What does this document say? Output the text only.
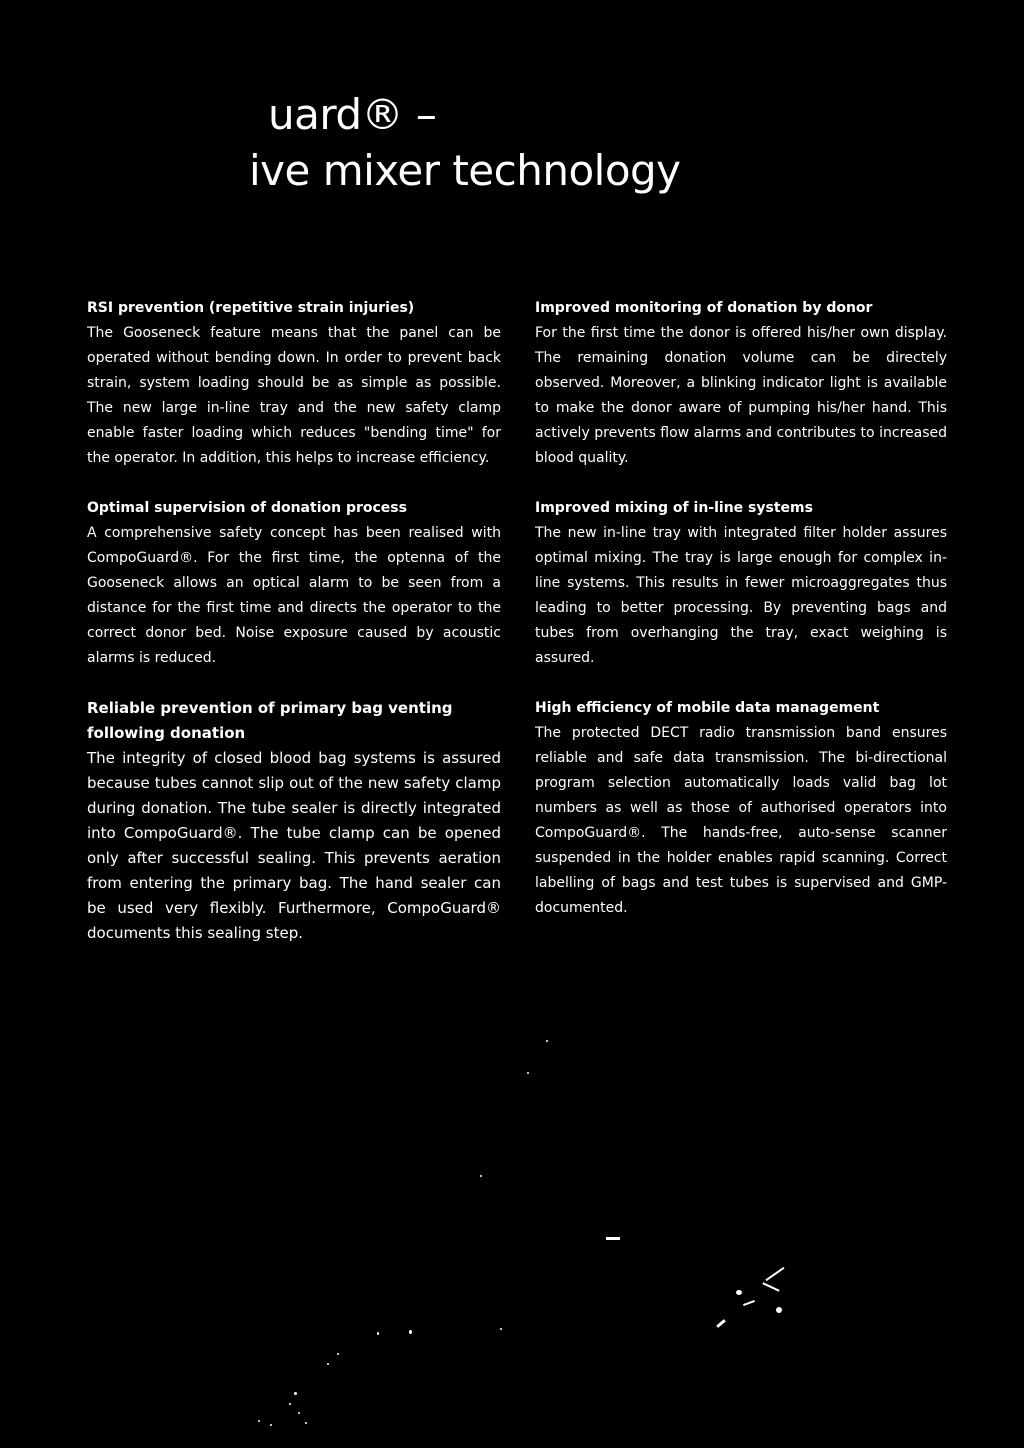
uard® –
ive mixer technology

RSI prevention (repetitive strain injuries)

The Gooseneck feature means that the panel can be operated without bending down. In order to prevent back strain, system loading should be as simple as possible. The new large in-line tray and the new safety clamp enable faster loading which reduces "bending time" for the operator. In addition, this helps to increase efficiency.

Optimal supervision of donation process

A comprehensive safety concept has been realised with CompoGuard®. For the first time, the optenna of the Gooseneck allows an optical alarm to be seen from a distance for the first time and directs the operator to the correct donor bed. Noise exposure caused by acoustic alarms is reduced.

Reliable prevention of primary bag venting following donation

The integrity of closed blood bag systems is assured because tubes cannot slip out of the new safety clamp during donation. The tube sealer is directly integrated into CompoGuard®. The tube clamp can be opened only after successful sealing. This prevents aeration from entering the primary bag. The hand sealer can be used very flexibly. Furthermore, CompoGuard® documents this sealing step.

Improved monitoring of donation by donor

For the first time the donor is offered his/her own display. The remaining donation volume can be directely observed. Moreover, a blinking indicator light is available to make the donor aware of pumping his/her hand. This actively prevents flow alarms and contributes to increased blood quality.

Improved mixing of in-line systems

The new in-line tray with integrated filter holder assures optimal mixing. The tray is large enough for complex in-line systems. This results in fewer microaggregates thus leading to better processing. By preventing bags and tubes from overhanging the tray, exact weighing is assured.

High efficiency of mobile data management

The protected DECT radio transmission band ensures reliable and safe data transmission. The bi-directional program selection automatically loads valid bag lot numbers as well as those of authorised operators into CompoGuard®. The hands-free, auto-sense scanner suspended in the holder enables rapid scanning. Correct labelling of bags and test tubes is supervised and GMP-documented.
